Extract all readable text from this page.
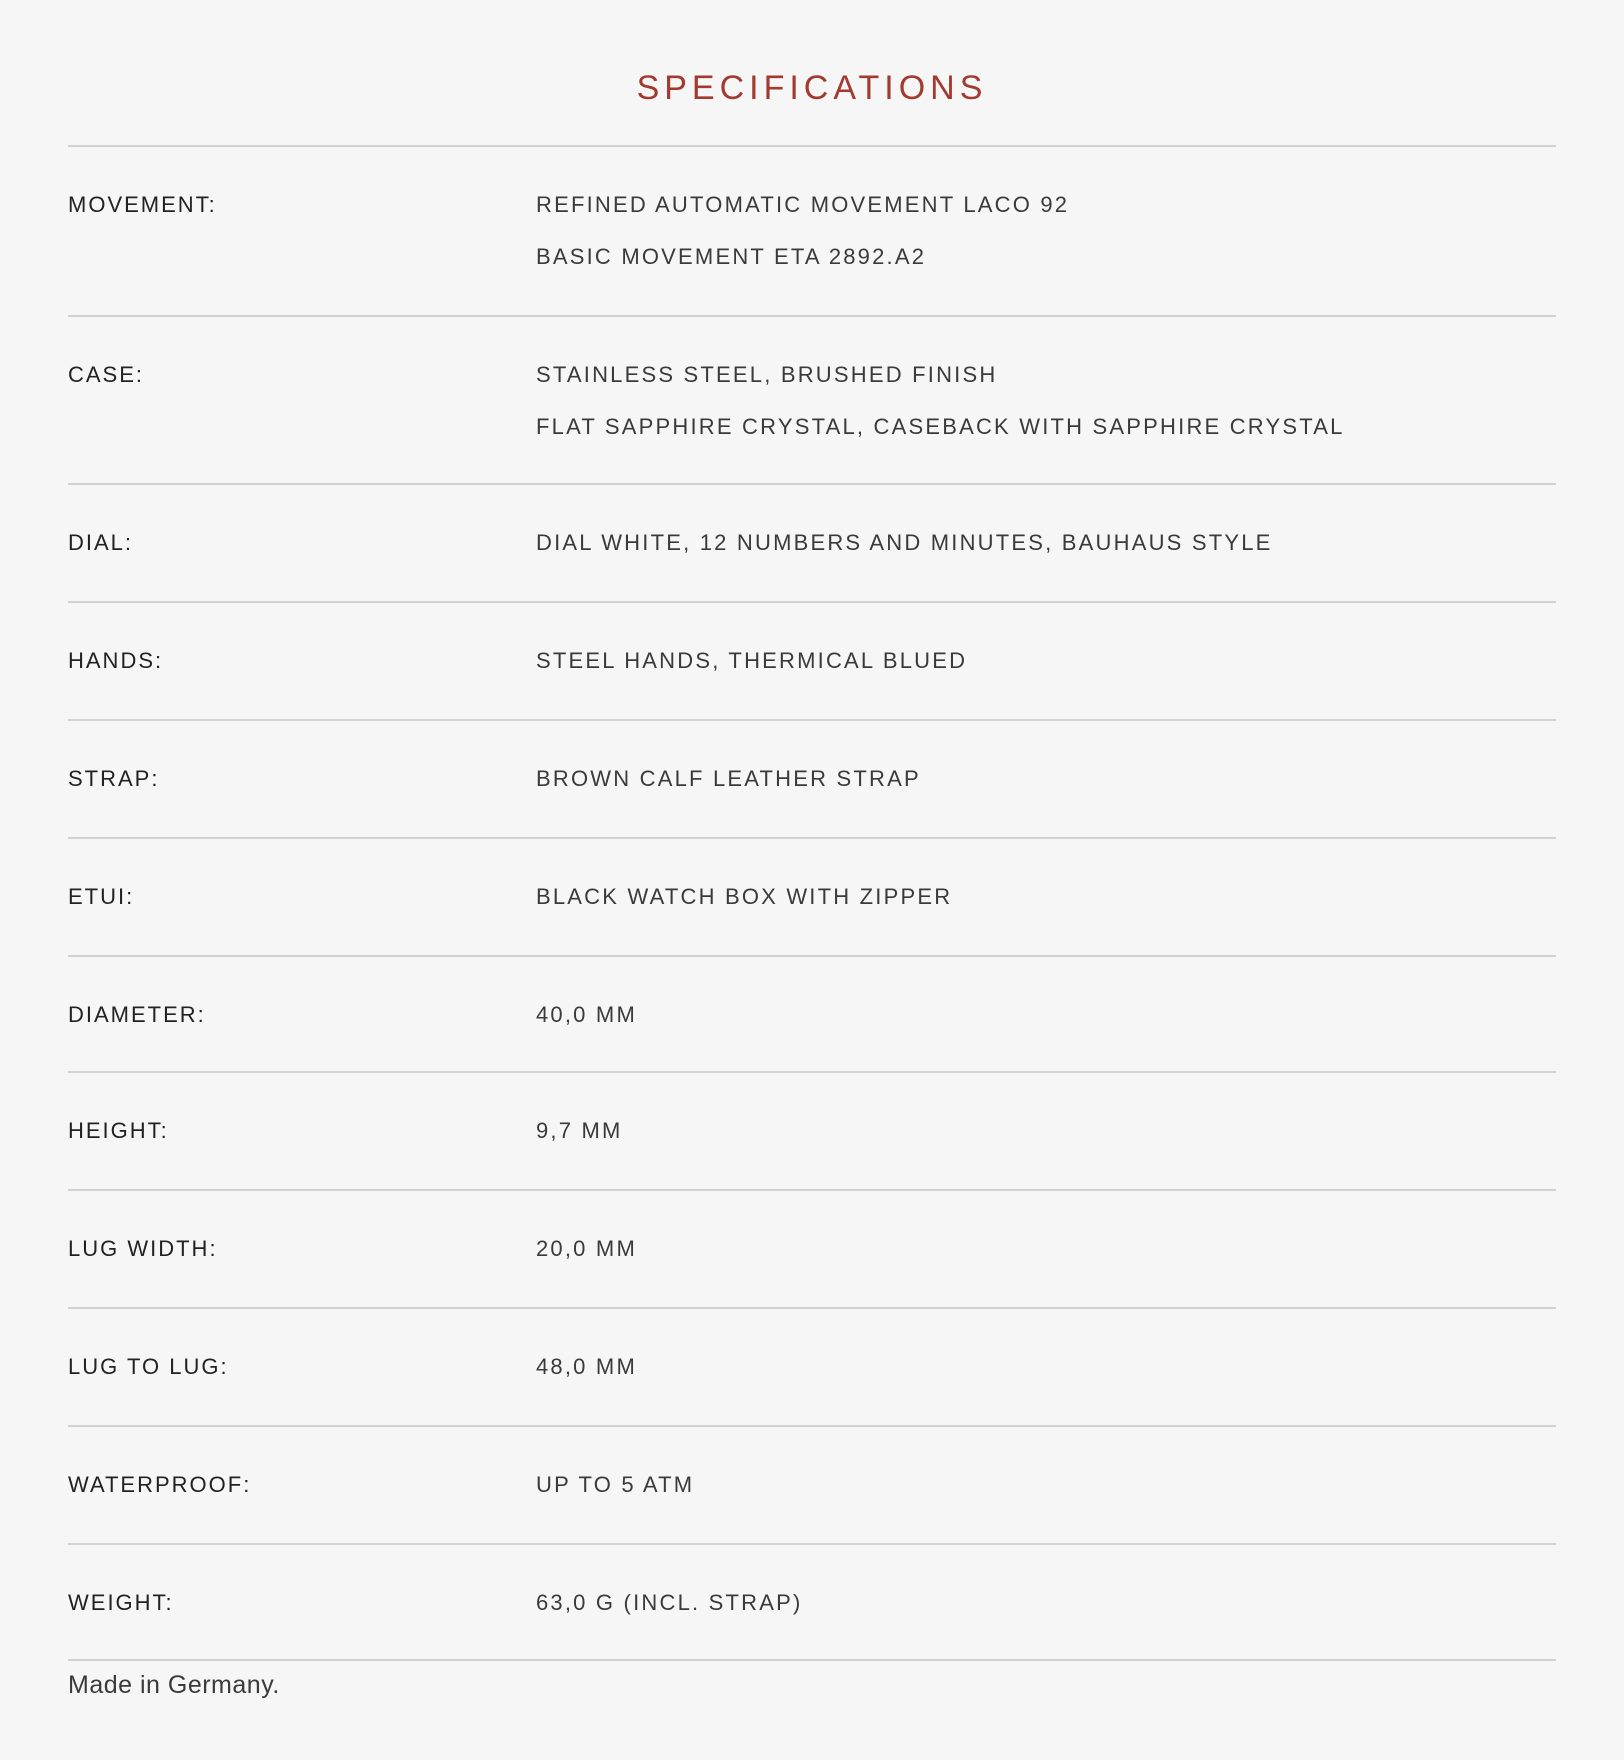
SPECIFICATIONS
MOVEMENT:	REFINED AUTOMATIC MOVEMENT LACO 92
BASIC MOVEMENT ETA 2892.A2
CASE:	STAINLESS STEEL, BRUSHED FINISH
FLAT SAPPHIRE CRYSTAL, CASEBACK WITH SAPPHIRE CRYSTAL
DIAL:	DIAL WHITE, 12 NUMBERS AND MINUTES, BAUHAUS STYLE
HANDS:	STEEL HANDS, THERMICAL BLUED
STRAP:	BROWN CALF LEATHER STRAP
ETUI:	BLACK WATCH BOX WITH ZIPPER
DIAMETER:	40,0 MM
HEIGHT:	9,7 MM
LUG WIDTH:	20,0 MM
LUG TO LUG:	48,0 MM
WATERPROOF:	UP TO 5 ATM
WEIGHT:	63,0 G (INCL. STRAP)
Made in Germany.
